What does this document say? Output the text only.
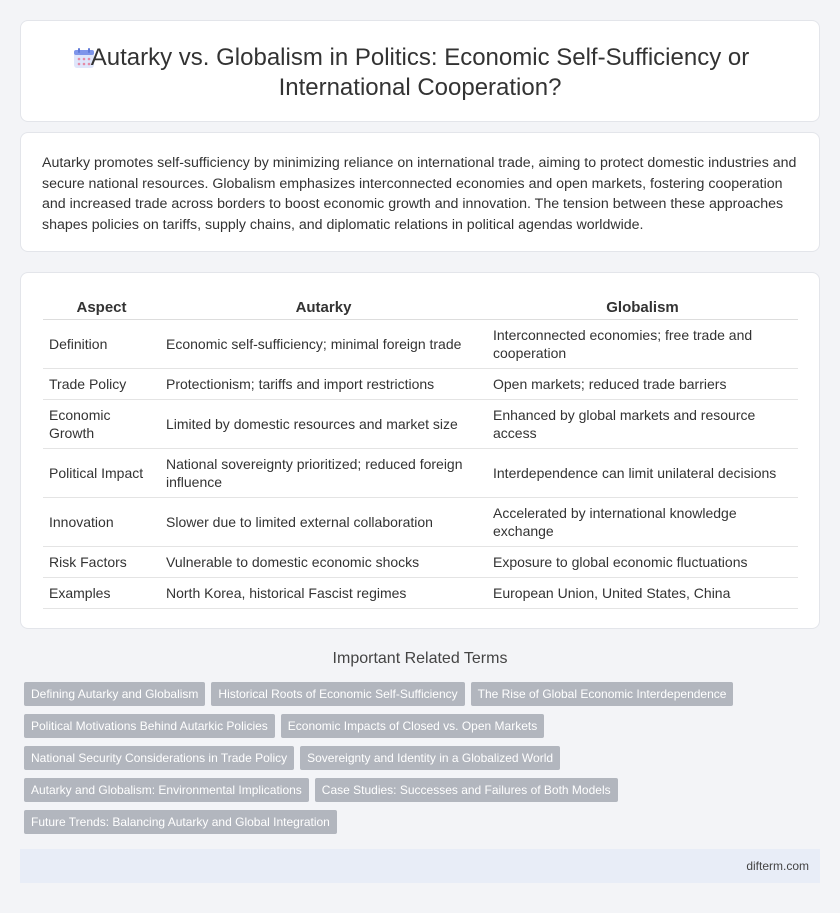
Autarky vs. Globalism in Politics: Economic Self-Sufficiency or
International Cooperation?

Autarky promotes self-sufficiency by minimizing reliance on international trade, aiming to protect domestic industries and secure national resources. Globalism emphasizes interconnected economies and open markets, fostering cooperation and increased trade across borders to boost economic growth and innovation. The tension between these approaches shapes policies on tariffs, supply chains, and diplomatic relations in political agendas worldwide.

Aspect	Autarky	Globalism
Definition	Economic self-sufficiency; minimal foreign trade	Interconnected economies; free trade and cooperation
Trade Policy	Protectionism; tariffs and import restrictions	Open markets; reduced trade barriers
Economic Growth	Limited by domestic resources and market size	Enhanced by global markets and resource access
Political Impact	National sovereignty prioritized; reduced foreign influence	Interdependence can limit unilateral decisions
Innovation	Slower due to limited external collaboration	Accelerated by international knowledge exchange
Risk Factors	Vulnerable to domestic economic shocks	Exposure to global economic fluctuations
Examples	North Korea, historical Fascist regimes	European Union, United States, China
Important Related Terms
Defining Autarky and Globalism Historical Roots of Economic Self-Sufficiency The Rise of Global Economic Interdependence
Political Motivations Behind Autarkic Policies Economic Impacts of Closed vs. Open Markets
National Security Considerations in Trade Policy Sovereignty and Identity in a Globalized World
Autarky and Globalism: Environmental Implications Case Studies: Successes and Failures of Both Models
Future Trends: Balancing Autarky and Global Integration
difterm.com
